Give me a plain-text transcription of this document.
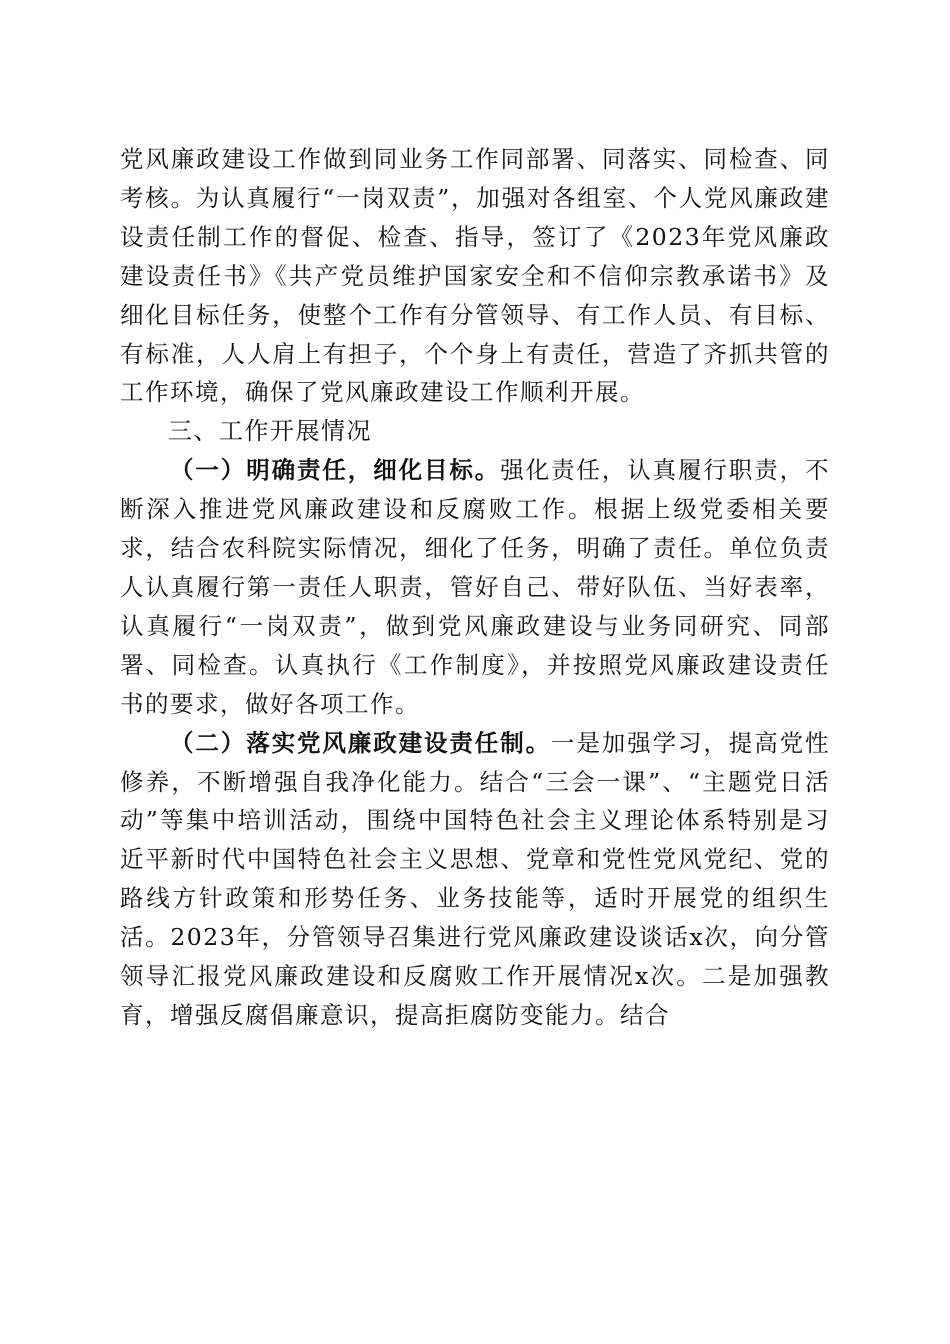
党风廉政建设工作做到同业务工作同部署、同落实、同检查、同考核。为认真履行“一岗双责”，加强对各组室、个人党风廉政建设责任制工作的督促、检查、指导，签订了《2023年党风廉政建设责任书》《共产党员维护国家安全和不信仰宗教承诺书》及细化目标任务，使整个工作有分管领导、有工作人员、有目标、有标准，人人肩上有担子，个个身上有责任，营造了齐抓共管的工作环境，确保了党风廉政建设工作顺利开展。

三、工作开展情况

（一）明确责任，细化目标。强化责任，认真履行职责，不断深入推进党风廉政建设和反腐败工作。根据上级党委相关要求，结合农科院实际情况，细化了任务，明确了责任。单位负责人认真履行第一责任人职责，管好自己、带好队伍、当好表率，认真履行“一岗双责”，做到党风廉政建设与业务同研究、同部署、同检查。认真执行《工作制度》，并按照党风廉政建设责任书的要求，做好各项工作。

（二）落实党风廉政建设责任制。一是加强学习，提高党性修养，不断增强自我净化能力。结合“三会一课”、“主题党日活动”等集中培训活动，围绕中国特色社会主义理论体系特别是习近平新时代中国特色社会主义思想、党章和党性党风党纪、党的路线方针政策和形势任务、业务技能等，适时开展党的组织生活。2023年，分管领导召集进行党风廉政建设谈话x次，向分管领导汇报党风廉政建设和反腐败工作开展情况x次。二是加强教育，增强反腐倡廉意识，提高拒腐防变能力。结合
